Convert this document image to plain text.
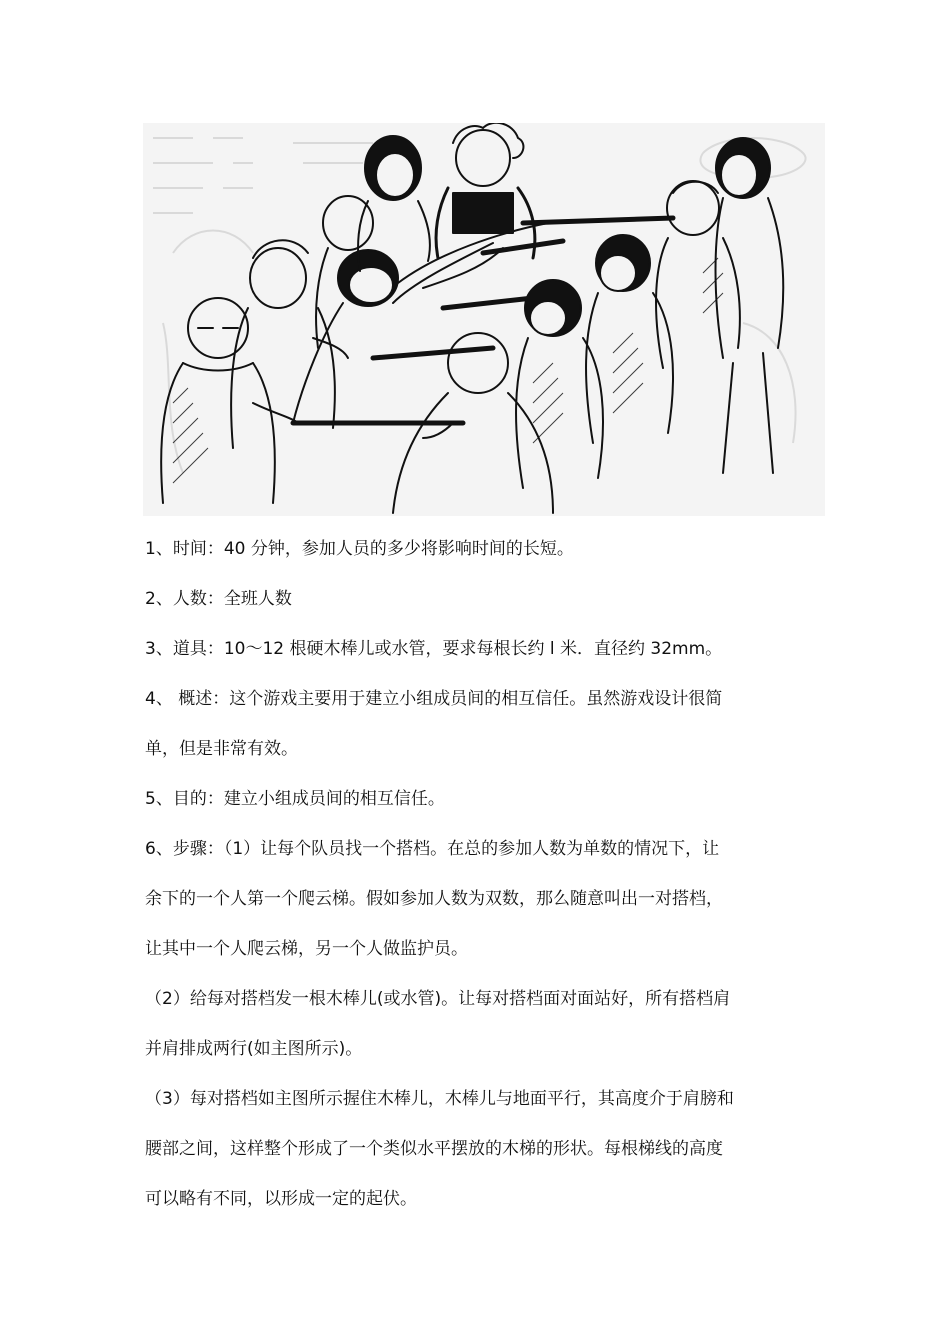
1、时间：40 分钟，参加人员的多少将影响时间的长短。
2、人数：全班人数
3、道具：10～12 根硬木棒儿或水管，要求每根长约 l 米．直径约 32mm。
4、 概述：这个游戏主要用于建立小组成员间的相互信任。虽然游戏设计很简
单，但是非常有效。
5、目的：建立小组成员间的相互信任。
6、步骤：（1）让每个队员找一个搭档。在总的参加人数为单数的情况下，让
余下的一个人第一个爬云梯。假如参加人数为双数，那么随意叫出一对搭档，
让其中一个人爬云梯，另一个人做监护员。
（2）给每对搭档发一根木棒儿(或水管)。让每对搭档面对面站好，所有搭档肩
并肩排成两行(如主图所示)。
（3）每对搭档如主图所示握住木棒儿，木棒儿与地面平行，其高度介于肩膀和
腰部之间，这样整个形成了一个类似水平摆放的木梯的形状。每根梯线的高度
可以略有不同，以形成一定的起伏。
